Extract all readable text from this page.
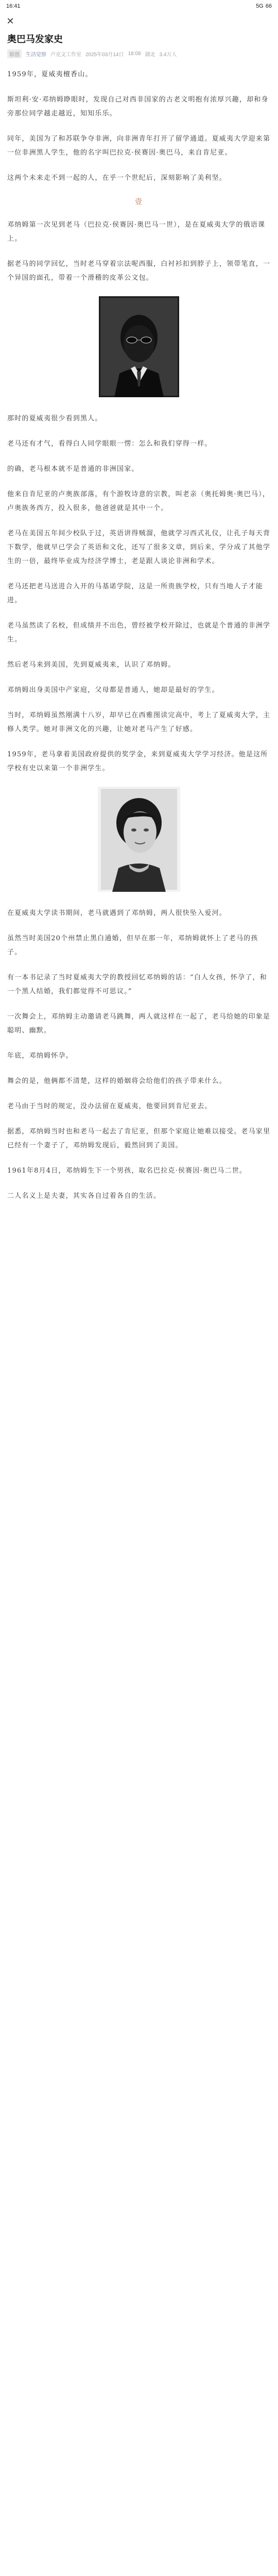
16:41	5G 66
✕
奥巴马发家史
原创	生活觉察 卢克文工作室 2025年03月14日 18:08 湖北 3.4万人

1959年，夏威夷檀香山。

斯坦利·安·邓纳姆睁眼时，发现自己对西非国家的古老文明抱有浓厚兴趣，却和身旁那位同学越走越近，知知乐乐。

同年，美国为了和苏联争夺非洲，向非洲青年打开了留学通道。夏威夷大学迎来第一位非洲黑人学生，他的名字叫巴拉克·侯赛因·奥巴马，来自肯尼亚。

这两个未来走不到一起的人，在乎一个世纪后，深刻影响了美利坚。

壹

邓纳姆第一次见到老马（巴拉克·侯赛因·奥巴马一世），是在夏威夷大学的俄语课上。

据老马的同学回忆，当时老马穿着宗法呢西服，白衬衫扣到脖子上，领带笔直，一个异国的面孔，带着一个滑稽的皮革公文包。

那时的夏威夷很少看到黑人。

老马还有才气，看得白人同学眼眼一愣：怎么和我们穿得一样。

的确，老马根本就不是普通的非洲国家。

他来自肯尼亚的卢奥族部落，有个游牧诗意的宗教，叫老亲（奥托姆奥·奥巴马），卢奥族务西方，投入很多，他爸爸就是其中一个。

老马在美国五年间少校队于过，英语讲得贼溜，他就学习西式礼仪，让孔子每天背下数学，他就早已学会了英语和文化，还写了很多文章，到后来，学分成了其他学生的一倍，最终毕业成为经济学博士，老是跟人谈论非洲和学术。

老马还把老马送进合入开的马基诺学院，这是一所贵族学校，只有当地人子才能进。

老马虽然读了名校，但成绩并不出色，曾经被学校开除过，也就是个普通的非洲学生。

然后老马来到美国，先到夏威夷来，认识了邓纳姆。

邓纳姆出身美国中产家庭，父母都是普通人，她却是最好的学生。

当时，邓纳姆虽然刚满十八岁，却早已在西雅图读完高中，考上了夏威夷大学，主修人类学。她对非洲文化的兴趣，让她对老马产生了好感。

1959年，老马拿着美国政府提供的奖学金，来到夏威夷大学学习经济。他是这所学校有史以来第一个非洲学生。

在夏威夷大学读书期间，老马就遇到了邓纳姆，两人很快坠入爱河。

虽然当时美国20个州禁止黑白通婚，但早在那一年，邓纳姆就怀上了老马的孩子。

有一本书记录了当时夏威夷大学的教授回忆邓纳姆的话：“白人女孩，怀孕了，和一个黑人结婚，我们都觉得不可思议。”

一次舞会上，邓纳姆主动邀请老马跳舞，两人就这样在一起了，老马给她的印象是聪明、幽默。

年底，邓纳姆怀孕。

舞会的是，他俩都不清楚，这样的婚姻将会给他们的孩子带来什么。

老马由于当时的规定，没办法留在夏威夷，他要回到肯尼亚去。

据悉，邓纳姆当时也和老马一起去了肯尼亚，但那个家庭让她难以接受。老马家里已经有一个妻子了，邓纳姆发现后，毅然回到了美国。

1961年8月4日，邓纳姆生下一个男孩，取名巴拉克·侯赛因·奥巴马二世。

二人名义上是夫妻，其实各自过着各自的生活。
